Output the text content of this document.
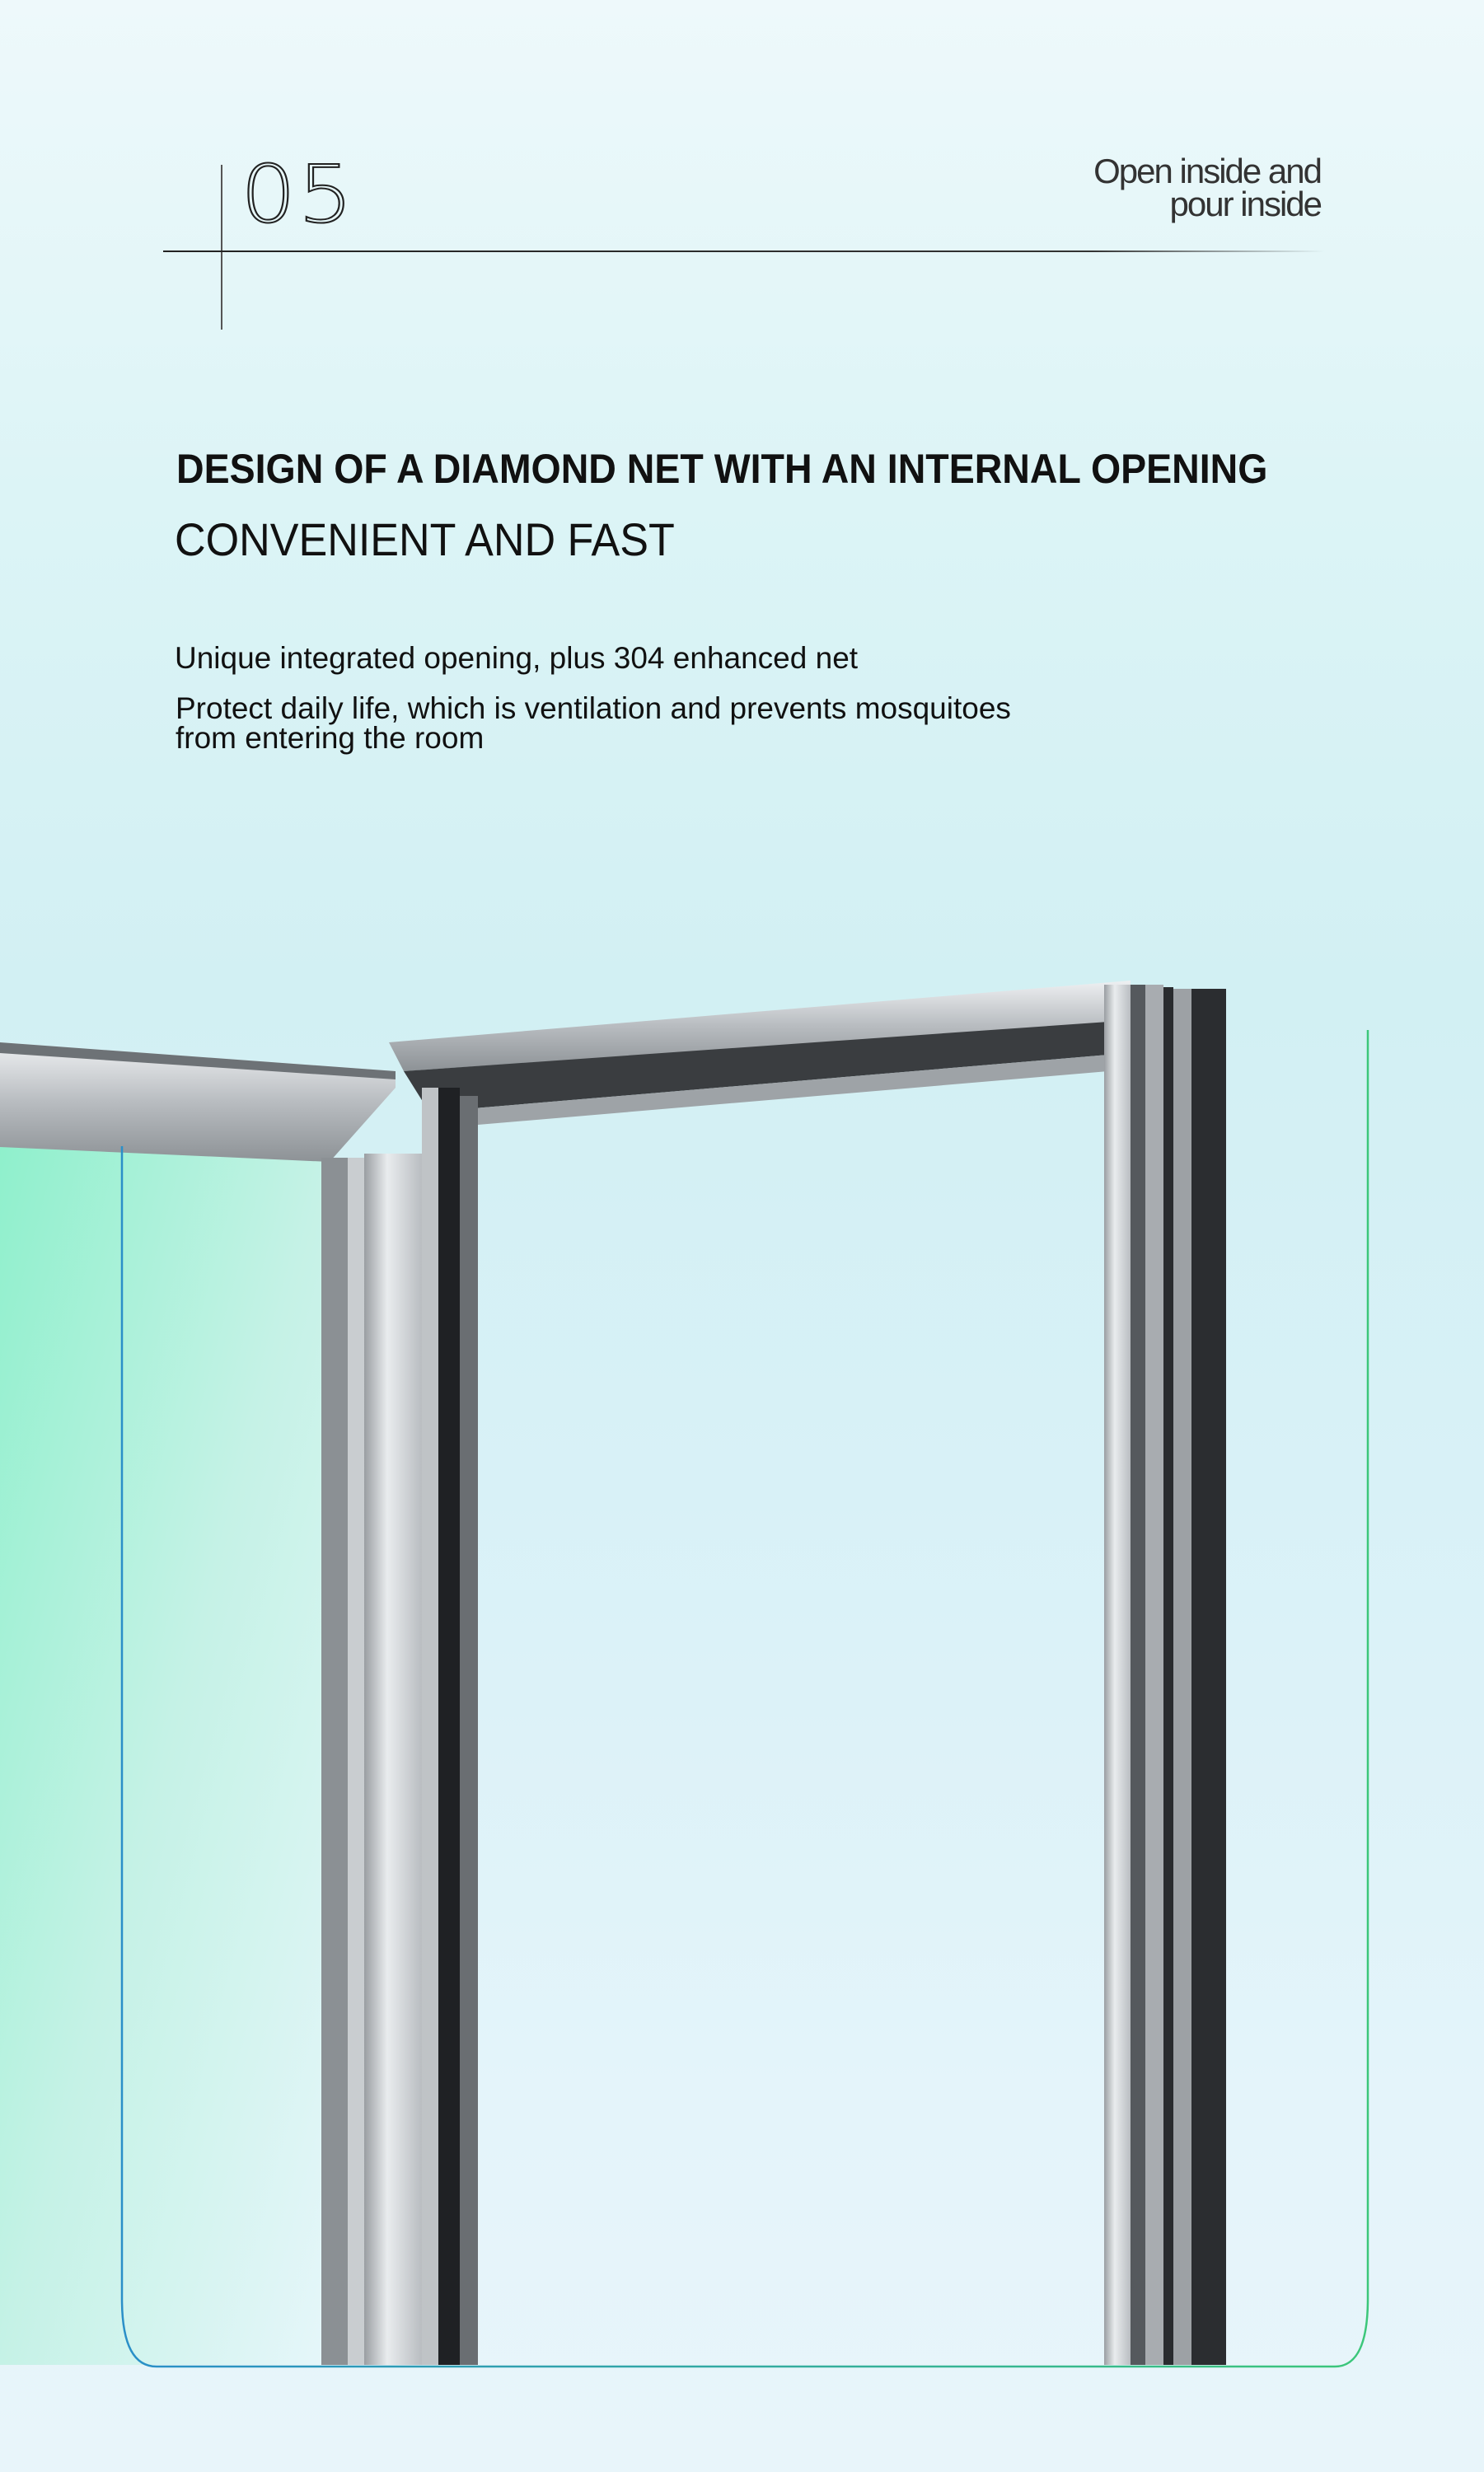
05	Open inside and
pour inside
DESIGN OF A DIAMOND NET WITH AN INTERNAL OPENING
CONVENIENT AND FAST
Unique integrated opening, plus 304 enhanced net
Protect daily life, which is ventilation and prevents mosquitoes
from entering the room
